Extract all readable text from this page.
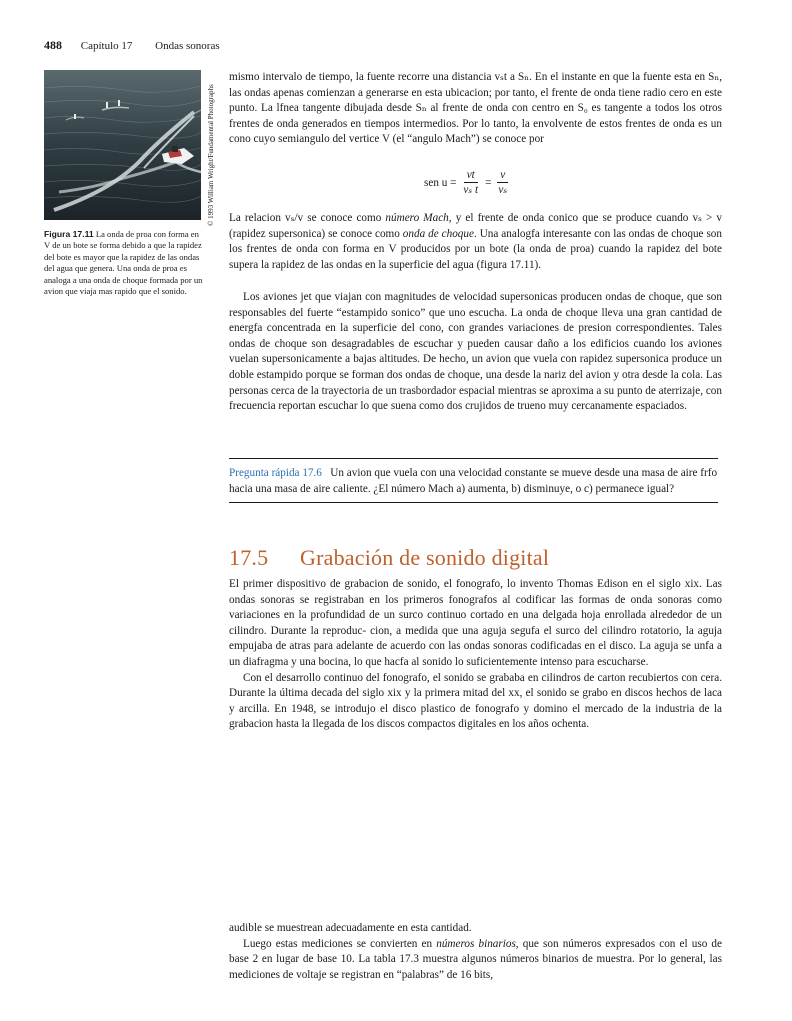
488 Capítulo 17 Ondas sonoras
© 1993 William Wright/Fundamental Photographs
Figura 17.11 La onda de proa con forma en V de un bote se forma debido a que la rapidez del bote es mayor que la rapidez de las ondas del agua que genera. Una onda de proa es analoga a una onda de choque formada por un avion que viaja mas rapido que el sonido.

mismo intervalo de tiempo, la fuente recorre una distancia vₛt a Sₙ. En el instante en que la fuente esta en Sₙ, las ondas apenas comienzan a generarse en esta ubicacion; por tanto, el frente de onda tiene radio cero en este punto. La lfnea tangente dibujada desde Sₙ al frente de onda con centro en S₀ es tangente a todos los otros frentes de onda generados en tiempos intermedios. Por lo tanto, la envolvente de estos frentes de onda es un cono cuyo semiangulo del vertice V (el “angulo Mach”) se conoce por

sen $u = \frac{vt}{\text{vₛ t}} = \frac{v}{\text{vₛ}}$

La relacion vₛ/v se conoce como número Mach, y el frente de onda conico que se produce cuando vₛ > v (rapidez supersonica) se conoce como onda de choque. Una analogfa interesante con las ondas de choque son los frentes de onda con forma en V producidos por un bote (la onda de proa) cuando la rapidez del bote supera la rapidez de las ondas en la superficie del agua (figura 17.11).

Los aviones jet que viajan con magnitudes de velocidad supersonicas producen ondas de choque, que son responsables del fuerte “estampido sonico” que uno escucha. La onda de choque lleva una gran cantidad de energfa concentrada en la superficie del cono, con grandes variaciones de presion correspondientes. Tales ondas de choque son desagradables de escuchar y pueden causar daño a los edificios cuando los aviones vuelan supersonicamente a bajas altitudes. De hecho, un avion que vuela con rapidez supersonica produce un doble estampido porque se forman dos ondas de choque, una desde la nariz del avion y otra desde la cola. Las personas cerca de la trayectoria de un trasbordador espacial mientras se aproxima a su punto de aterrizaje, con frecuencia reportan escuchar lo que suena como dos crujidos de trueno muy cercanamente espaciados.

Pregunta rápida 17.6 Un avion que vuela con una velocidad constante se mueve desde una masa de aire frfo hacia una masa de aire caliente. ¿El número Mach a) aumenta, b) disminuye, o c) permanece igual?
17.5 Grabación de sonido digital

El primer dispositivo de grabacion de sonido, el fonografo, lo invento Thomas Edison en el siglo xix. Las ondas sonoras se registraban en los primeros fonografos al codificar las formas de onda sonoras como variaciones en la profundidad de un surco continuo cortado en una delgada hoja enrollada alrededor de un cilindro. Durante la reproduc- cion, a medida que una aguja segufa el surco del cilindro rotatorio, la aguja empujaba de atras para adelante de acuerdo con las ondas sonoras codificadas en el disco. La aguja se unfa a un diafragma y una bocina, lo que hacfa al sonido lo suficientemente intenso para escucharse.

Con el desarrollo continuo del fonografo, el sonido se grababa en cilindros de carton recubiertos con cera. Durante la última decada del siglo xix y la primera mitad del xx, el sonido se grabo en discos hechos de laca y arcilla. En 1948, se introdujo el disco plastico de fonografo y domino el mercado de la industria de la grabacion hasta la llegada de los discos compactos digitales en los años ochenta.

audible se muestrean adecuadamente en esta cantidad.

Luego estas mediciones se convierten en números binarios, que son números expresados con el uso de base 2 en lugar de base 10. La tabla 17.3 muestra algunos números binarios de muestra. Por lo general, las mediciones de voltaje se registran en “palabras” de 16 bits,
